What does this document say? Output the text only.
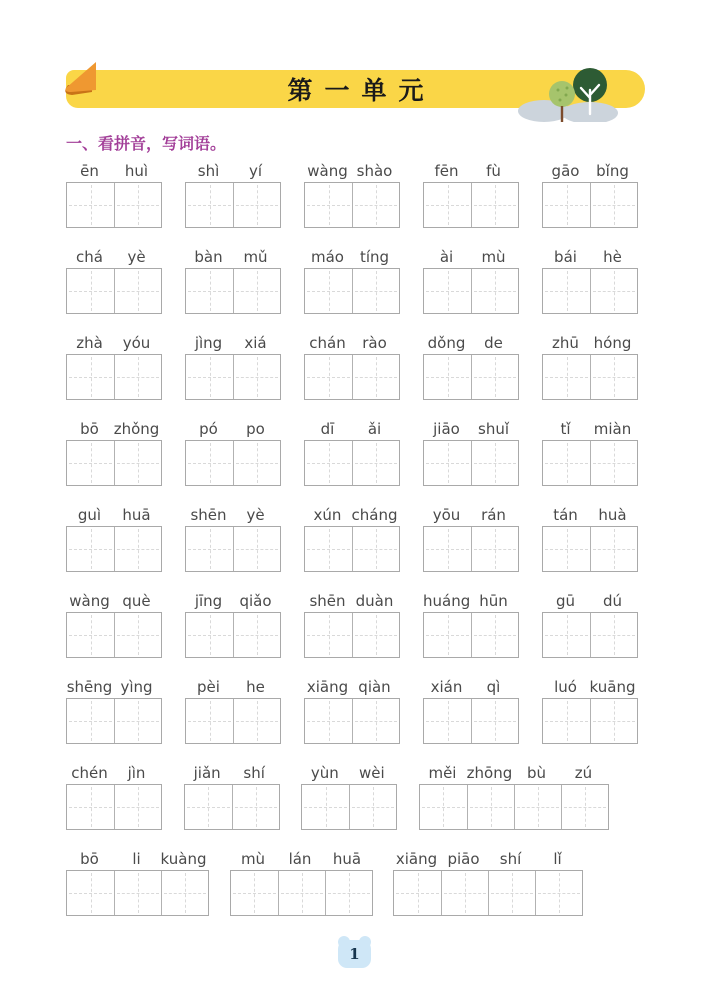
第一单元
一、看拼音，写词语。
ēn	huì	shì	yí	wàng shào	fēn	fù	gāo	bǐng
chá	yè	bàn	mǔ	máo	tíng	ài	mù	bái	hè
zhà	yóu	jìng	xiá	chán	rào	dǒng	de	zhū hóng
bō zhǒng	pó	po	dī	ǎi	jiāo	shuǐ	tǐ	miàn
guì	huā	shēn	yè	xún cháng	yōu	rán	tán	huà
wàng què	jīng	qiǎo	shēn duàn	huáng hūn	gū	dú
shēng yìng	pèi	he	xiāng qiàn	xián	qì	luó kuāng
chén	jìn	jiǎn	shí	yùn	wèi	měi zhōng bù	zú
bō	li	kuàng	mù	lán	huā	xiāng piāo	shí	lǐ
1
